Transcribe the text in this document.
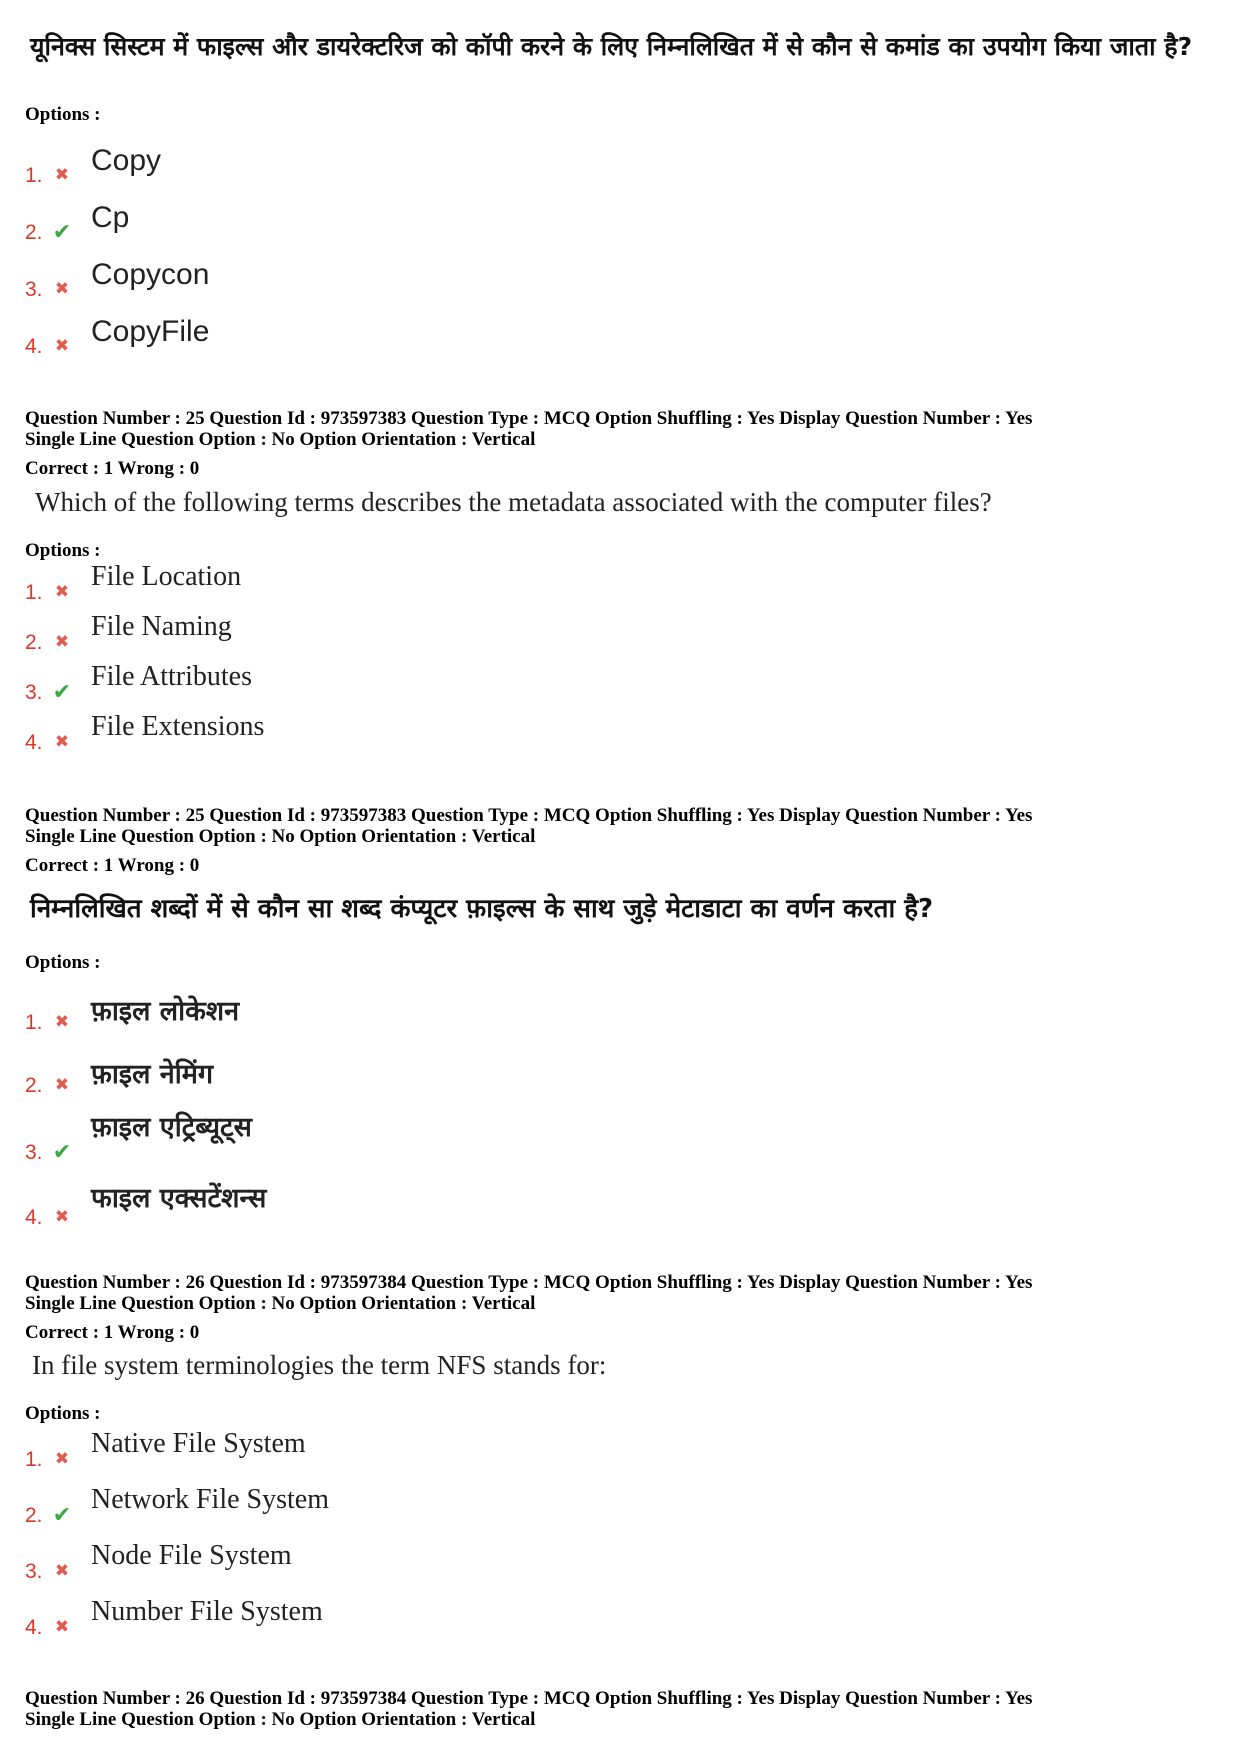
यूनिक्स सिस्टम में फाइल्स और डायरेक्टरिज को कॉपी करने के लिए निम्नलिखित में से कौन से कमांड का उपयोग किया जाता है?
Options :
1. ✖ Copy
2. ✔ Cp
3. ✖ Copycon
4. ✖ CopyFile
Question Number : 25 Question Id : 973597383 Question Type : MCQ Option Shuffling : Yes Display Question Number : Yes
Single Line Question Option : No Option Orientation : Vertical
Correct : 1 Wrong : 0
Which of the following terms describes the metadata associated with the computer files?
Options :
1. ✖ File Location
2. ✖ File Naming
3. ✔ File Attributes
4. ✖ File Extensions
Question Number : 25 Question Id : 973597383 Question Type : MCQ Option Shuffling : Yes Display Question Number : Yes
Single Line Question Option : No Option Orientation : Vertical
Correct : 1 Wrong : 0
निम्नलिखित शब्दों में से कौन सा शब्द कंप्यूटर फ़ाइल्स के साथ जुड़े मेटाडाटा का वर्णन करता है?
Options :
1. ✖ फ़ाइल लोकेशन
2. ✖ फ़ाइल नेमिंग
3. ✔
फ़ाइल एट्रिब्यूट्स
4. ✖
फाइल एक्सटेंशन्स
Question Number : 26 Question Id : 973597384 Question Type : MCQ Option Shuffling : Yes Display Question Number : Yes
Single Line Question Option : No Option Orientation : Vertical
Correct : 1 Wrong : 0
In file system terminologies the term NFS stands for:
Options :
1. ✖ Native File System
2. ✔ Network File System
3. ✖ Node File System
4. ✖ Number File System
Question Number : 26 Question Id : 973597384 Question Type : MCQ Option Shuffling : Yes Display Question Number : Yes
Single Line Question Option : No Option Orientation : Vertical
